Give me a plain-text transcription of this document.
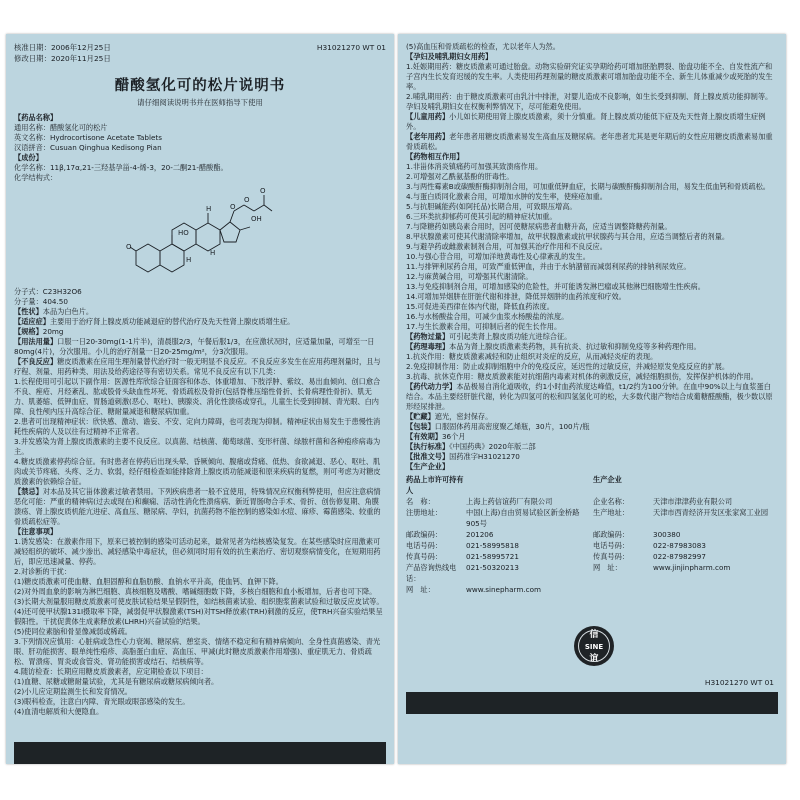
核准日期：2006年12月25日
修改日期：2020年11月25日
H31021270 WT 01
醋酸氢化可的松片说明书
请仔细阅读说明书并在医师指导下使用
【药品名称】
通用名称：醋酸氢化可的松片
英文名称：Hydrocortisone Acetate Tablets
汉语拼音：Cusuan Qinghua Kedisong Pian
【成份】
化学名称：11β,17α,21-三羟基孕甾-4-烯-3，20-二酮21-醋酸酯。
化学结构式：
O
HO
H	O
OH
O
O
H
H
分子式：C23H32O6
分子量：404.50
【性状】本品为白色片。
【适应症】主要用于治疗肾上腺皮质功能减退症的替代治疗及先天性肾上腺皮质增生症。
【规格】20mg
【用法用量】口服一日20-30mg(1-1片半)，清晨服2/3，午餐后服1/3，在应激状况时，应适量加量，可增至一日80mg(4片)，分次服用。小儿的治疗剂量一日20-25mg/m²，分3次服用。
【不良反应】糖皮质激素在应用生理剂量替代治疗时一般无明显不良反应。不良反应多发生在应用药理剂量时，且与疗程、剂量、用药种类、用法及给药途径等有密切关系。常见不良反应有以下几类：
1.长程使用可引起以下副作用：医源性库欣综合征面容和体态、体重增加、下肢浮肿、紫纹、易出血倾向、创口愈合不良、痤疮、月经紊乱、肱或股骨头缺血性坏死、骨质疏松及骨折(包括脊椎压缩性骨折、长骨病理性骨折)、肌无力、肌萎缩、低钾血症、胃肠道刺激(恶心、呕吐)、胰腺炎、消化性溃疡或穿孔，儿童生长受到抑制、青光眼、白内障、良性颅内压升高综合征、糖耐量减退和糖尿病加重。
2.患者可出现精神症状：欣快感、激动、谵妄、不安、定向力障碍，也可表现为抑制。精神症状由易发生于患慢性消耗性疾病的人及以往有过精神不正常者。
3.并发感染为肾上腺皮质激素的主要不良反应。以真菌、结核菌、葡萄球菌、变形杆菌、绿脓杆菌和各种疱疹病毒为主。
4.糖皮质激素停药综合征。有时患者在停药后出现头晕、昏厥倾向、腹痛或背痛、低热、食欲减退、恶心、呕吐、肌肉或关节疼痛、头疼、乏力、软弱，经仔细检查如能排除肾上腺皮质功能减退和原来疾病的复燃，则可考虑为对糖皮质激素的依赖综合征。
【禁忌】对本品及其它甾体激素过敏者禁用。下列疾病患者一般不宜使用，特殊情况应权衡利弊使用，但应注意病情恶化可能：严重的精神病(过去或现在)和癫痫、活动性消化性溃疡病、新近胃肠吻合手术、骨折、创伤修复期、角膜溃疡、肾上腺皮质机能亢进症、高血压、糖尿病、孕妇，抗菌药物不能控制的感染如水痘、麻疹、霉菌感染、较重的骨质疏松症等。
【注意事项】
1.诱发感染：在激素作用下，原来已被控制的感染可活动起来，最常见者为结核感染复发。在某些感染时应用激素可减轻组织的破坏、减少渗出、减轻感染中毒症状，但必须同时用有效的抗生素治疗、密切观察病情变化，在短期用药后，即应迅速减量、停药。
2.对诊断的干扰：
(1)糖皮质激素可使血糖、血胆固醇和血脂肪酸、血钠水平升高，使血钙、血钾下降。
(2)对外周血象的影响为淋巴细胞、真核细胞及嗜酸、嗜碱细胞数下降，多核白细胞和血小板增加，后者也可下降。
(3)长期大剂量服用糖皮质激素可使皮肤试验结果呈假阴性，如结核菌素试验、组织胞浆菌素试验和过敏反应皮试等。
(4)还可使甲状腺131I摄取率下降，减弱促甲状腺激素(TSH)对TSH释放素(TRH)刺激的反应，使TRH兴奋实验结果呈假阳性。干扰促黄体生成素释放素(LHRH)兴奋试验的结果。
(5)使同位素脑和骨显像减弱或稀疏。
3.下列情况应慎用：心脏病或急性心力衰竭、糖尿病、憩室炎、情绪不稳定和有精神病倾向、全身性真菌感染、青光眼、肝功能损害、眼单纯性疱疹、高脂蛋白血症、高血压、甲减(此时糖皮质激素作用增强)、重症肌无力、骨质疏松、胃溃疡、胃炎或食管炎、肾功能损害或结石、结核病等。
4.随访检查：长期应用糖皮质激素者，应定期检查以下项目：
(1)血糖、尿糖或糖耐量试验，尤其是有糖尿病或糖尿病倾向者。
(2)小儿应定期监测生长和发育情况。
(3)眼科检查，注意白内障、青光眼或眼部感染的发生。
(4)血清电解质和大便隐血。
(5)高血压和骨质疏松的检查，尤以老年人为然。
【孕妇及哺乳期妇女用药】
1.妊娠期用药：糖皮质激素可通过胎盘。动物实验研究证实孕期给药可增加胚胎腭裂、胎盘功能不全、自发性流产和子宫内生长发育迟缓的发生率。人类使用药理剂量的糖皮质激素可增加胎盘功能不全、新生儿体重减少或死胎的发生率。
2.哺乳期用药：由于糖皮质激素可由乳汁中排泄，对婴儿造成不良影响，如生长受到抑制、肾上腺皮质功能抑制等。
孕妇及哺乳期妇女在权衡利弊情况下，尽可能避免使用。
【儿童用药】小儿如长期使用肾上腺皮质激素，须十分慎重。肾上腺皮质功能低下症及先天性肾上腺皮质增生症例外。
【老年用药】老年患者用糖皮质激素易发生高血压及糖尿病。老年患者尤其是更年期后的女性应用糖皮质激素易加重骨质疏松。
【药物相互作用】
1.非甾体消炎镇痛药可加强其致溃疡作用。
2.可增强对乙酰氨基酚的肝毒性。
3.与两性霉素B或碳酸酐酶抑制剂合用，可加重低钾血症，长期与碳酸酐酶抑制剂合用，易发生低血钙和骨质疏松。
4.与蛋白质同化激素合用，可增加水肿的发生率，使痤疮加重。
5.与抗胆碱能药(如阿托品)长期合用，可致眼压增高。
6.三环类抗抑郁药可使其引起的精神症状加重。
7.与降糖药如胰岛素合用时，因可使糖尿病患者血糖升高，应适当调整降糖药剂量。
8.甲状腺激素可使其代谢清除率增加，故甲状腺激素或抗甲状腺药与其合用，应适当调整后者的剂量。
9.与避孕药或雌激素制剂合用，可加强其治疗作用和不良反应。
10.与强心苷合用，可增加洋地黄毒性及心律紊乱的发生。
11.与排钾利尿药合用，可致严重低钾血，并由于水钠潴留而减弱利尿药的排钠利尿效应。
12.与麻黄碱合用，可增强其代谢清除。
13.与免疫抑制剂合用，可增加感染的危险性，并可能诱发淋巴瘤或其他淋巴细胞增生性疾病。
14.可增加异烟肼在肝脏代谢和排泄，降低异烟肼的血药浓度和疗效。
15.可促进美西律在体内代谢，降低血药浓度。
16.与水杨酸盐合用，可减少血浆水杨酸盐的浓度。
17.与生长激素合用，可抑制后者的促生长作用。
【药物过量】可引起类肾上腺皮质功能亢进综合征。
【药理毒理】本品为肾上腺皮质激素类药物，具有抗炎、抗过敏和抑制免疫等多种药理作用。
1.抗炎作用：糖皮质激素减轻和防止组织对炎症的反应，从而减轻炎症的表现。
2.免疫抑制作用：防止或抑制细胞中介的免疫反应，延迟性的过敏反应，并减轻原发免疫反应的扩展。
3.抗毒、抗休克作用：糖皮质激素能对抗细菌内毒素对机体的刺激反应，减轻细胞损伤，发挥保护机体的作用。
【药代动力学】本品极易自消化道吸收，约1小时血药浓度达峰值，t1/2约为100分钟。在血中90%以上与血浆蛋白结合。本品主要经肝脏代谢，转化为四氢可的松和四氢氢化可的松，大多数代谢产物结合成葡糖醛酸酯，极少数以原形经尿排泄。
【贮藏】遮光，密封保存。
【包装】口服固体药用高密度聚乙烯瓶，30片，100片/瓶
【有效期】36个月
【执行标准】《中国药典》2020年版二部
【批准文号】国药准字H31021270
【生产企业】
药品上市许可持有人
生产企业
名　称：	上海上药信谊药厂有限公司	企业名称：	天津市津津药业有限公司
注册地址：	中国(上海)自由贸易试验区新金桥路905号
生产地址：	天津市西青经济开发区张家窝工业园
邮政编码：	201206	邮政编码：	300380
电话号码：	021-58995818	电话号码：	022-87983083
传真号码：	021-58995721	传真号码：	022-87982997
产品咨询热线电话：
021-50320213	网　址：	www.jinjinpharm.com
网　址：	www.sinepharm.com
信
SINE
谊
H31021270 WT 01
